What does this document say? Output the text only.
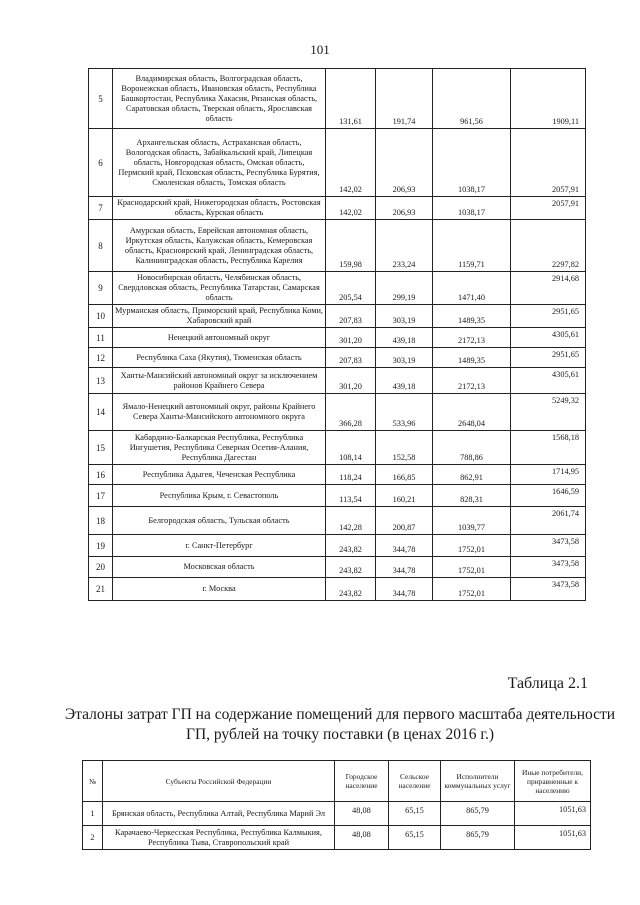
101
5	Владимирская область, Волгоградская область, Воронежская область, Ивановская область, Республика Башкортостан, Республика Хакасия, Рязанская область, Саратовская область, Тверская область, Ярославская область	131,61	191,74	961,56	1909,11
6	Архангельская область, Астраханская область, Вологодская область, Забайкальский край, Липецкая область, Новгородская область, Омская область, Пермский край, Псковская область, Республика Бурятия, Смоленская область, Томская область	142,02	206,93	1038,17	2057,91
7	Краснодарский край, Нижегородская область, Ростовская область, Курская область	142,02	206,93	1038,17	2057,91
8	Амурская область, Еврейская автономная область, Иркутская область, Калужская область, Кемеровская область, Красноярский край, Ленинградская область, Калининградская область, Республика Карелия	159,98	233,24	1159,71	2297,82
9	Новосибирская область, Челябинская область, Свердловская область, Республика Татарстан, Самарская область	205,54	299,19	1471,40	2914,68
10	Мурманская область, Приморский край, Республика Коми, Хабаровский край	207,83	303,19	1489,35	2951,65
11	Ненецкий автономный округ	301,20	439,18	2172,13	4305,61
12	Республика Саха (Якутия), Тюменская область	207,83	303,19	1489,35	2951,65
13	Ханты-Мансийский автономный округ за исключением районов Крайнего Севера	301,20	439,18	2172,13	4305,61
14	Ямало-Ненецкий автономный округ, районы Крайнего Севера Ханты-Мансийского автономного округа	366,28	533,96	2648,04	5249,32
15	Кабардино-Балкарская Республика, Республика Ингушетия, Республика Северная Осетия-Алания, Республика Дагестан	108,14	152,58	788,86	1568,18
16	Республика Адыгея, Чеченская Республика	118,24	166,85	862,91	1714,95
17	Республика Крым, г. Севастополь	113,54	160,21	828,31	1646,59
18	Белгородская область, Тульская область	142,28	200,87	1039,77	2061,74
19	г. Санкт-Петербург	243,82	344,78	1752,01	3473,58
20	Московская область	243,82	344,78	1752,01	3473,58
21	г. Москва	243,82	344,78	1752,01	3473,58
Таблица 2.1
Эталоны затрат ГП на содержание помещений для первого масштаба деятельности ГП, рублей на точку поставки (в ценах 2016 г.)
№	Субъекты Российской Федерации	Городское население	Сельское население	Исполнители коммунальных услуг	Иные потребители, приравненные к населению
1	Брянская область, Республика Алтай, Республика Марий Эл	48,08	65,15	865,79	1051,63
2	Карачаево-Черкесская Республика, Республика Калмыкия, Республика Тыва, Ставропольский край	48,08	65,15	865,79	1051,63
